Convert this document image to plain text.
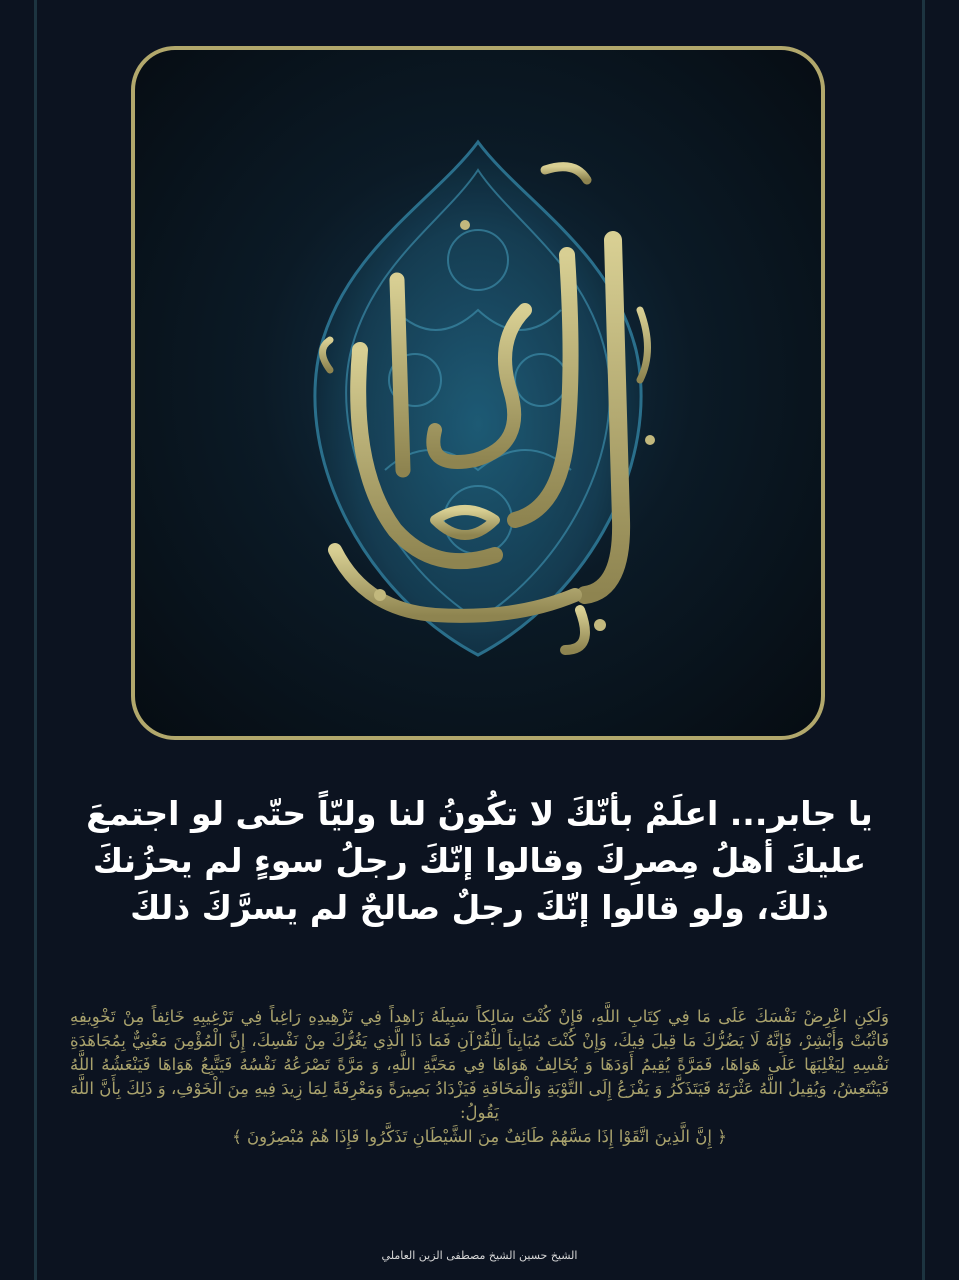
يا جابر... اعلَمْ بأنّكَ لا تكُونُ لنا وليّاً حتّى لو اجتمعَ عليكَ أهلُ مِصرِكَ وقالوا إنّكَ رجلُ سوءٍ لم يحزُنكَ ذلكَ، ولو قالوا إنّكَ رجلٌ صالحٌ لم يسرَّكَ ذلكَ
وَلَكِنِ اعْرِضْ نَفْسَكَ عَلَى مَا فِي كِتَابِ اللَّهِ، فَإِنْ كُنْتَ سَالِكاً سَبِيلَهُ زَاهِداً فِي تَزْهِيدِهِ رَاغِباً فِي تَرْغِيبِهِ خَائِفاً مِنْ تَخْوِيفِهِ فَاثْبُتْ وَأَبْشِرْ، فَإِنَّهُ لَا يَضُرُّكَ مَا قِيلَ فِيكَ، وَإِنْ كُنْتَ مُبَايِناً لِلْقُرْآنِ فَمَا ذَا الَّذِي يَغُرُّكَ مِنْ نَفْسِكَ، إِنَّ الْمُؤْمِنَ مَعْنِيٌّ بِمُجَاهَدَةِ نَفْسِهِ لِيَغْلِبَهَا عَلَى هَوَاهَا، فَمَرَّةً يُقِيمُ أَوَدَهَا وَ يُخَالِفُ هَوَاهَا فِي مَحَبَّةِ اللَّهِ، وَ مَرَّةً تَصْرَعُهُ نَفْسُهُ فَيَتَّبِعُ هَوَاهَا فَيَنْعَشُهُ اللَّهُ فَيَنْتَعِشُ، وَيُقِيلُ اللَّهُ عَثْرَتَهُ فَيَتَذَكَّرُ وَ يَفْزَعُ إِلَى التَّوْبَةِ وَالْمَخَافَةِ فَيَزْدَادُ بَصِيرَةً وَمَعْرِفَةً لِمَا زِيدَ فِيهِ مِنَ الْخَوْفِ، وَ ذَلِكَ بِأَنَّ اللَّهَ يَقُولُ:
﴿ إِنَّ الَّذِينَ اتَّقَوْا إِذَا مَسَّهُمْ طَائِفٌ مِنَ الشَّيْطَانِ تَذَكَّرُوا فَإِذَا هُمْ مُبْصِرُونَ ﴾
الشيخ حسين الشيخ مصطفى الزين العاملي
